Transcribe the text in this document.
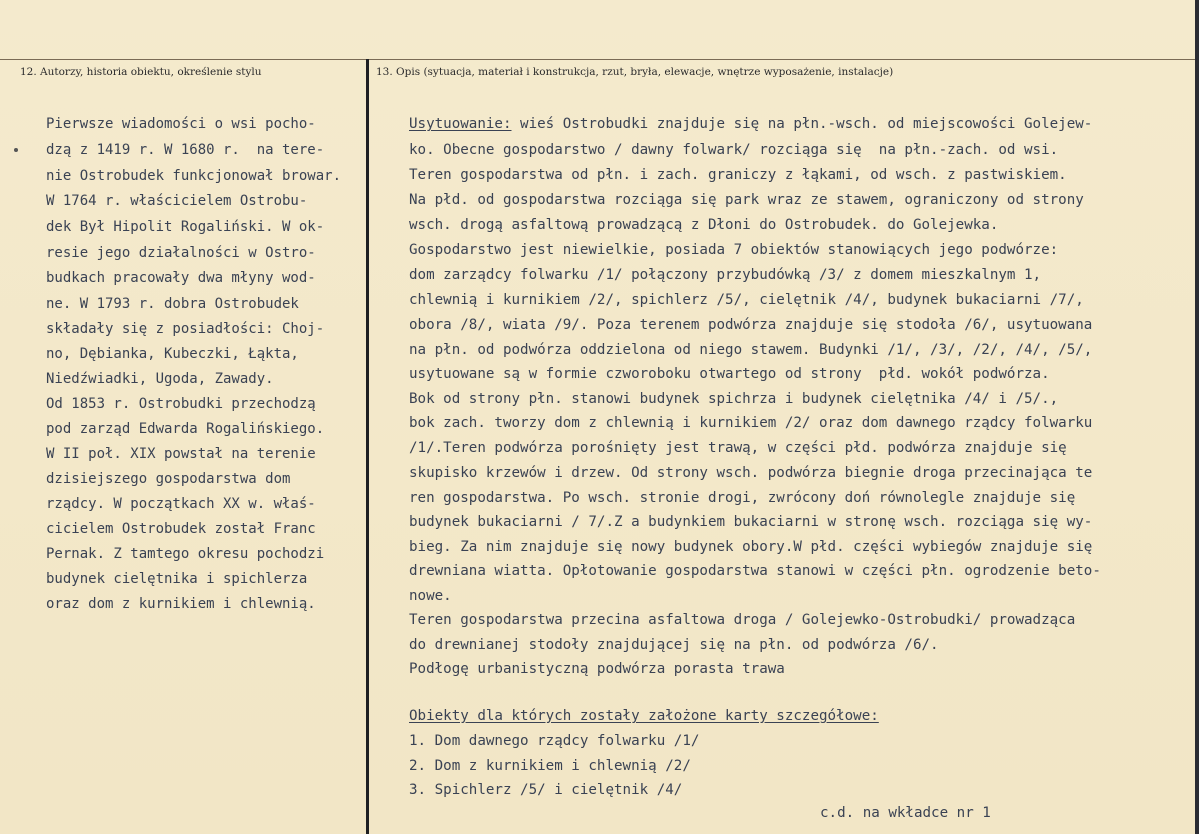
12. Autorzy, historia obiektu, określenie stylu	13. Opis (sytuacja, materiał i konstrukcja, rzut, bryła, elewacje, wnętrze wyposażenie, instalacje)
Pierwsze wiadomości o wsi pocho-
dzą z 1419 r. W 1680 r.  na tere-
nie Ostrobudek funkcjonował browar.
W 1764 r. właścicielem Ostrobu-
dek Był Hipolit Rogaliński. W ok-
resie jego działalności w Ostro-
budkach pracowały dwa młyny wod-
ne. W 1793 r. dobra Ostrobudek
składały się z posiadłości: Choj-
no, Dębianka, Kubeczki, Łąkta,
Niedźwiadki, Ugoda, Zawady.
Od 1853 r. Ostrobudki przechodzą
pod zarząd Edwarda Rogalińskiego.
W II poł. XIX powstał na terenie
dzisiejszego gospodarstwa dom
rządcy. W początkach XX w. właś-
cicielem Ostrobudek został Franc
Pernak. Z tamtego okresu pochodzi
budynek cielętnika i spichlerza
oraz dom z kurnikiem i chlewnią.
Usytuowanie: wieś Ostrobudki znajduje się na płn.-wsch. od miejscowości Golejew-
ko. Obecne gospodarstwo / dawny folwark/ rozciąga się  na płn.-zach. od wsi.
Teren gospodarstwa od płn. i zach. graniczy z łąkami, od wsch. z pastwiskiem.
Na płd. od gospodarstwa rozciąga się park wraz ze stawem, ograniczony od strony
wsch. drogą asfaltową prowadzącą z Dłoni do Ostrobudek. do Golejewka.
Gospodarstwo jest niewielkie, posiada 7 obiektów stanowiących jego podwórze:
dom zarządcy folwarku /1/ połączony przybudówką /3/ z domem mieszkalnym 1,
chlewnią i kurnikiem /2/, spichlerz /5/, cielętnik /4/, budynek bukaciarni /7/,
obora /8/, wiata /9/. Poza terenem podwórza znajduje się stodoła /6/, usytuowana
na płn. od podwórza oddzielona od niego stawem. Budynki /1/, /3/, /2/, /4/, /5/,
usytuowane są w formie czworoboku otwartego od strony  płd. wokół podwórza.
Bok od strony płn. stanowi budynek spichrza i budynek cielętnika /4/ i /5/.,
bok zach. tworzy dom z chlewnią i kurnikiem /2/ oraz dom dawnego rządcy folwarku
/1/.Teren podwórza porośnięty jest trawą, w części płd. podwórza znajduje się
skupisko krzewów i drzew. Od strony wsch. podwórza biegnie droga przecinająca te
ren gospodarstwa. Po wsch. stronie drogi, zwrócony doń równolegle znajduje się
budynek bukaciarni / 7/.Z a budynkiem bukaciarni w stronę wsch. rozciąga się wy-
bieg. Za nim znajduje się nowy budynek obory.W płd. części wybiegów znajduje się
drewniana wiatta. Opłotowanie gospodarstwa stanowi w części płn. ogrodzenie beto-
nowe.
Teren gospodarstwa przecina asfaltowa droga / Golejewko-Ostrobudki/ prowadząca
do drewnianej stodoły znajdującej się na płn. od podwórza /6/.
Podłogę urbanistyczną podwórza porasta trawa
Obiekty dla których zostały założone karty szczegółowe:
1. Dom dawnego rządcy folwarku /1/
2. Dom z kurnikiem i chlewnią /2/
3. Spichlerz /5/ i cielętnik /4/
c.d. na wkładce nr 1
